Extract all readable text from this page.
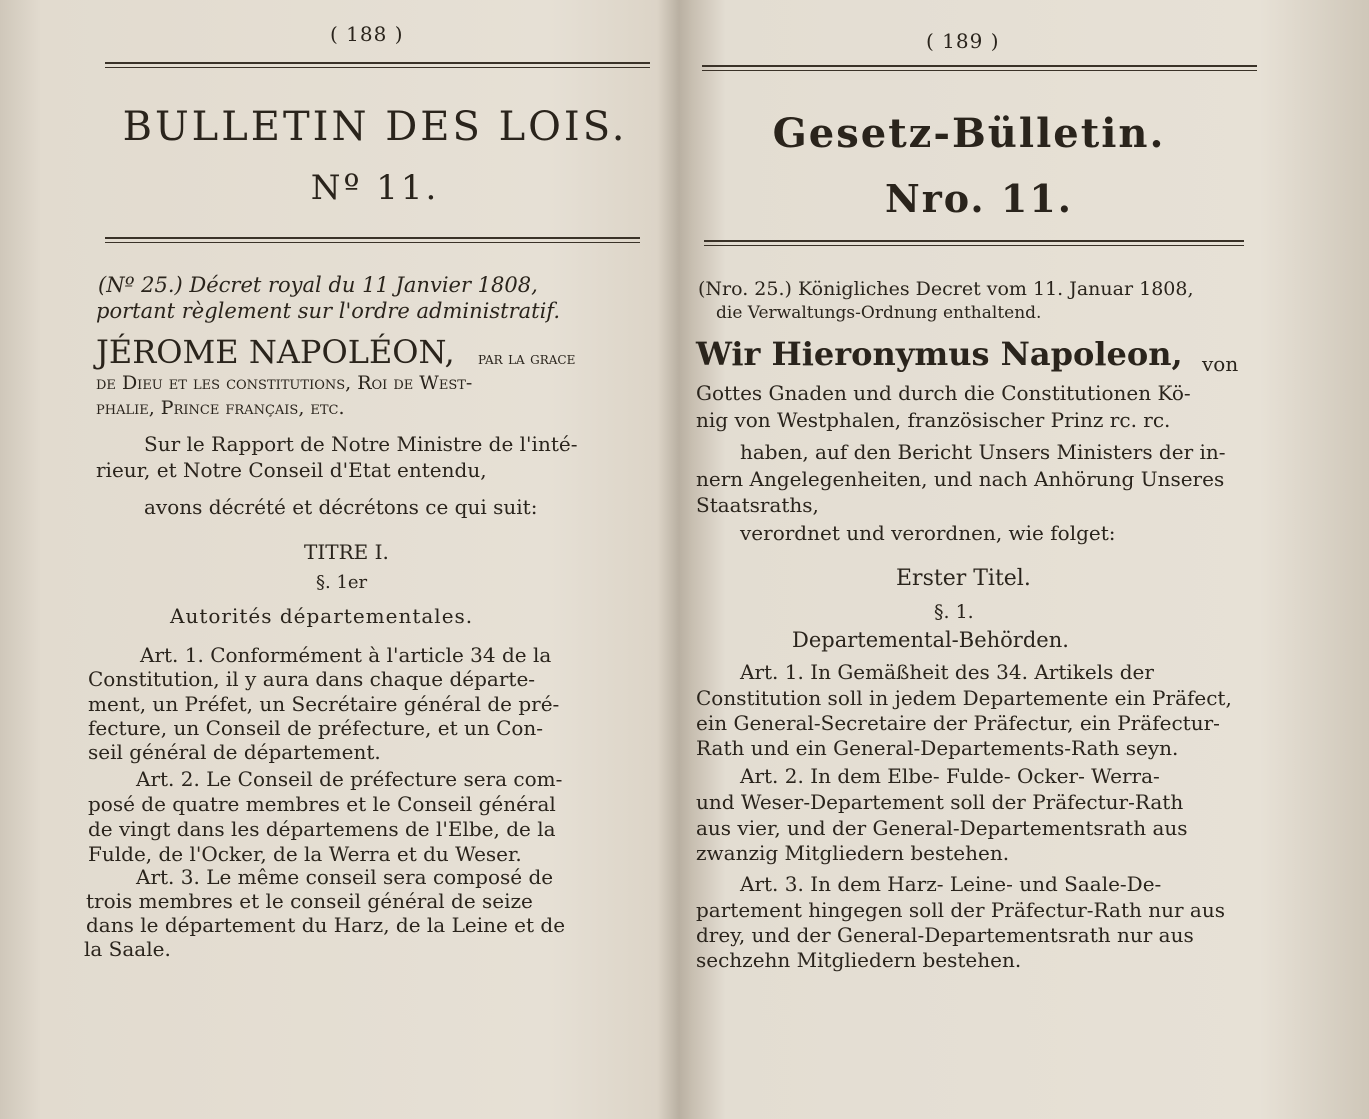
( 188 )
BULLETIN DES LOIS.
Nº 11.
(Nº 25.) Décret royal du 11 Janvier 1808,
portant règlement sur l'ordre administratif.
JÉROME NAPOLÉON, par la grace
de Dieu et les constitutions, Roi de West-
phalie, Prince français, etc.
Sur le Rapport de Notre Ministre de l'inté-
rieur, et Notre Conseil d'Etat entendu,
avons décrété et décrétons ce qui suit:
TITRE I.
§. 1er
Autorités départementales.
Art. 1. Conformément à l'article 34 de la
Constitution, il y aura dans chaque départe-
ment, un Préfet, un Secrétaire général de pré-
fecture, un Conseil de préfecture, et un Con-
seil général de département.
Art. 2. Le Conseil de préfecture sera com-
posé de quatre membres et le Conseil général
de vingt dans les départemens de l'Elbe, de la
Fulde, de l'Ocker, de la Werra et du Weser.
Art. 3. Le même conseil sera composé de
trois membres et le conseil général de seize
dans le département du Harz, de la Leine et de
la Saale.
( 189 )
Gesetz-Bülletin.
Nro. 11.
(Nro. 25.) Königliches Decret vom 11. Januar 1808,
die Verwaltungs-Ordnung enthaltend.
Wir Hieronymus Napoleon, von
Gottes Gnaden und durch die Constitutionen Kö-
nig von Westphalen, französischer Prinz rc. rc.
haben, auf den Bericht Unsers Ministers der in-
nern Angelegenheiten, und nach Anhörung Unseres
Staatsraths,
verordnet und verordnen, wie folget:
Erster Titel.
§. 1.
Departemental-Behörden.
Art. 1. In Gemäßheit des 34. Artikels der
Constitution soll in jedem Departemente ein Präfect,
ein General-Secretaire der Präfectur, ein Präfectur-
Rath und ein General-Departements-Rath seyn.
Art. 2. In dem Elbe- Fulde- Ocker- Werra-
und Weser-Departement soll der Präfectur-Rath
aus vier, und der General-Departementsrath aus
zwanzig Mitgliedern bestehen.
Art. 3. In dem Harz- Leine- und Saale-De-
partement hingegen soll der Präfectur-Rath nur aus
drey, und der General-Departementsrath nur aus
sechzehn Mitgliedern bestehen.
